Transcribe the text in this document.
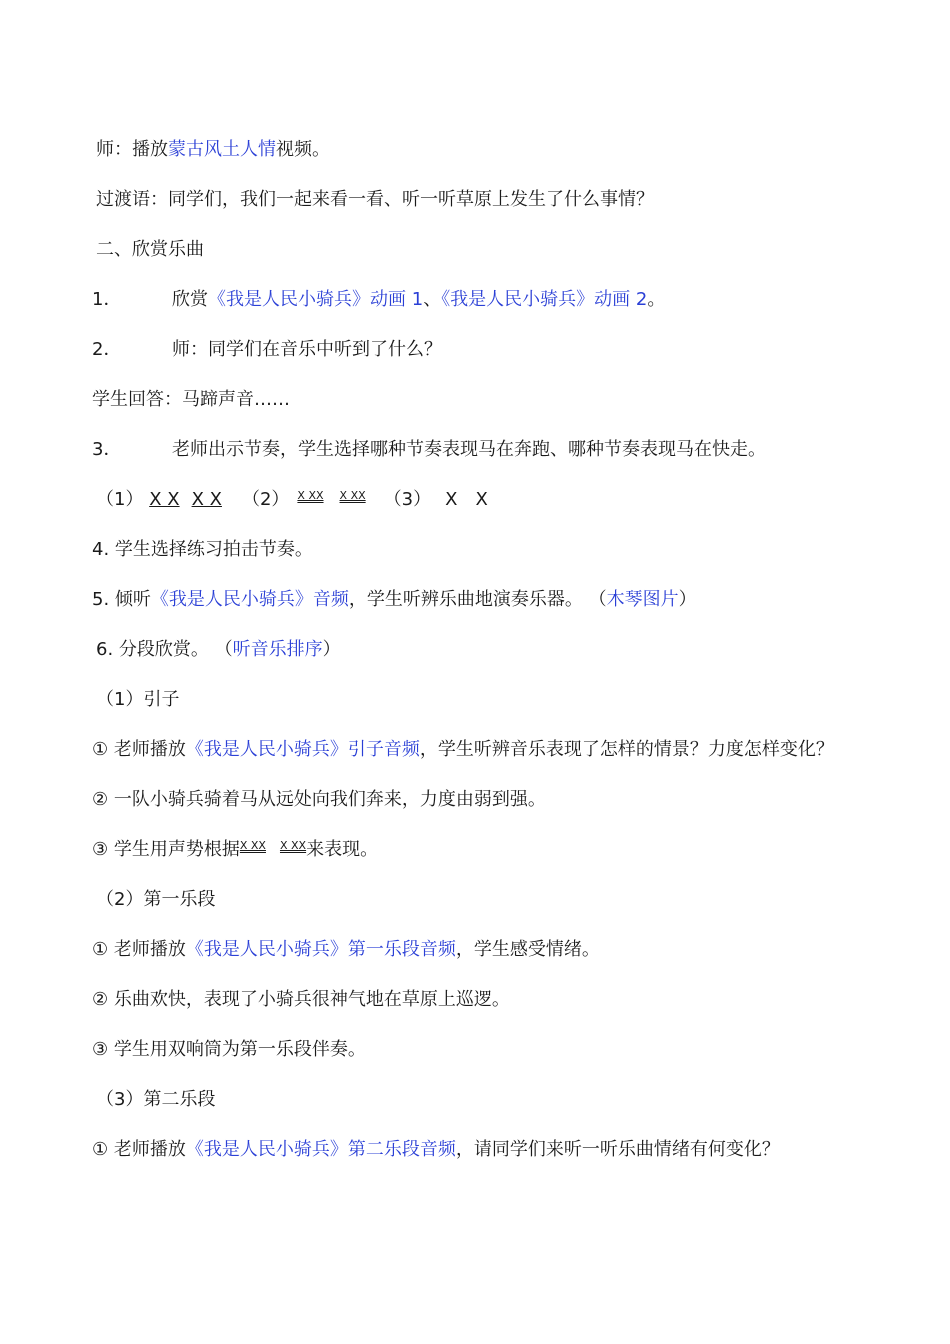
师：播放蒙古风土人情视频。
过渡语：同学们，我们一起来看一看、听一听草原上发生了什么事情？
二、欣赏乐曲
1．	欣赏《我是人民小骑兵》动画 1、《我是人民小骑兵》动画 2。
2．	师：同学们在音乐中听到了什么？
学生回答：马蹄声音……
3．	老师出示节奏，学生选择哪种节奏表现马在奔跑、哪种节奏表现马在快走。
（1） X X X X （2） X XX X XX （3） X X
4. 学生选择练习拍击节奏。
5. 倾听《我是人民小骑兵》音频，学生听辨乐曲地演奏乐器。 （木琴图片）
6. 分段欣赏。 （听音乐排序）
（1）引子
① 老师播放《我是人民小骑兵》引子音频，学生听辨音乐表现了怎样的情景？力度怎样变化？
② 一队小骑兵骑着马从远处向我们奔来，力度由弱到强。
③ 学生用声势根据X XX X XX来表现。
（2）第一乐段
① 老师播放《我是人民小骑兵》第一乐段音频，学生感受情绪。
② 乐曲欢快，表现了小骑兵很神气地在草原上巡逻。
③ 学生用双响筒为第一乐段伴奏。
（3）第二乐段
① 老师播放《我是人民小骑兵》第二乐段音频，请同学们来听一听乐曲情绪有何变化？
